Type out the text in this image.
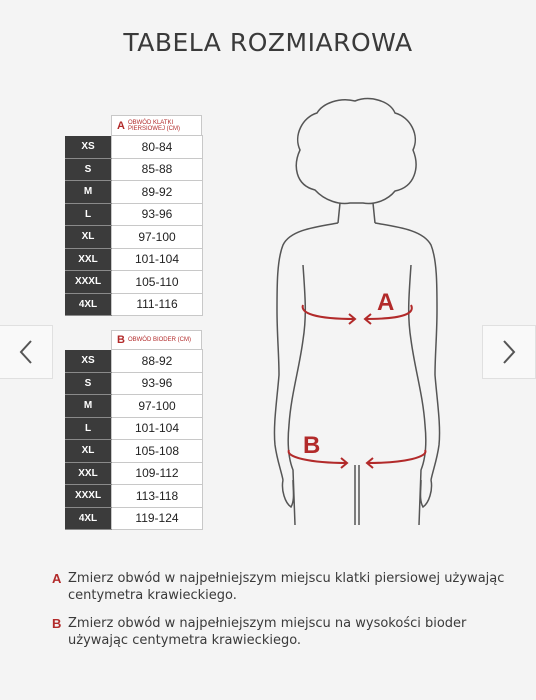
TABELA ROZMIAROWA
A OBWÓD KLATKI
PIERSIOWEJ (CM)
XS	80-84
S	85-88
M	89-92
L	93-96
XL	97-100
XXL	101-104
XXXL	105-110
4XL	111-116
B OBWÓD BIODER (CM)
XS	88-92
S	93-96
M	97-100
L	101-104
XL	105-108
XXL	109-112
XXXL	113-118
4XL	119-124
A
B
A Zmierz obwód w najpełniejszym miejscu klatki piersiowej używając
centymetra krawieckiego.
B Zmierz obwód w najpełniejszym miejscu na wysokości bioder
używając centymetra krawieckiego.
